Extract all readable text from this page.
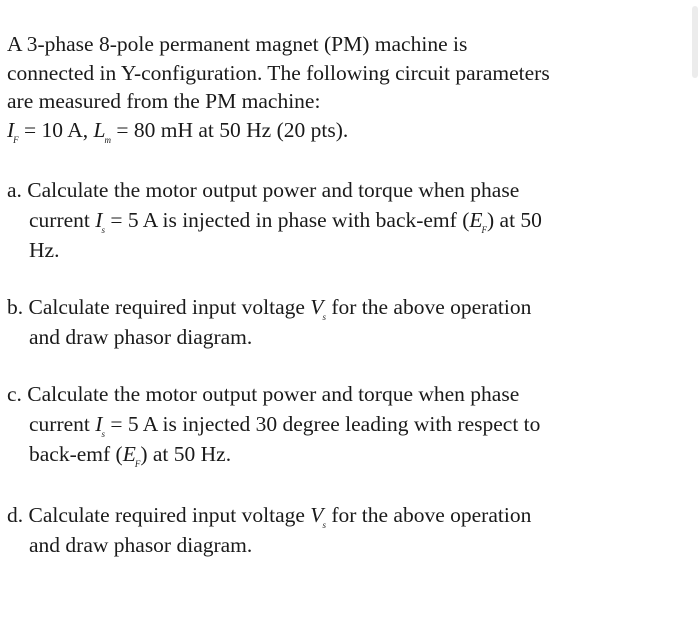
A 3-phase 8-pole permanent magnet (PM) machine is
connected in Y-configuration. The following circuit parameters
are measured from the PM machine:
$I_F = 10$ A, $L_m = 80$ mH at 50 Hz (20 pts).

a. Calculate the motor output power and torque when phase
current $I_s = 5$ A is injected in phase with back-emf $(E_F)$ at 50
Hz.

b. Calculate required input voltage $V_s$ for the above operation
and draw phasor diagram.

c. Calculate the motor output power and torque when phase
current $I_s = 5$ A is injected 30 degree leading with respect to
back-emf $(E_F)$ at 50 Hz.

d. Calculate required input voltage $V_s$ for the above operation
and draw phasor diagram.
